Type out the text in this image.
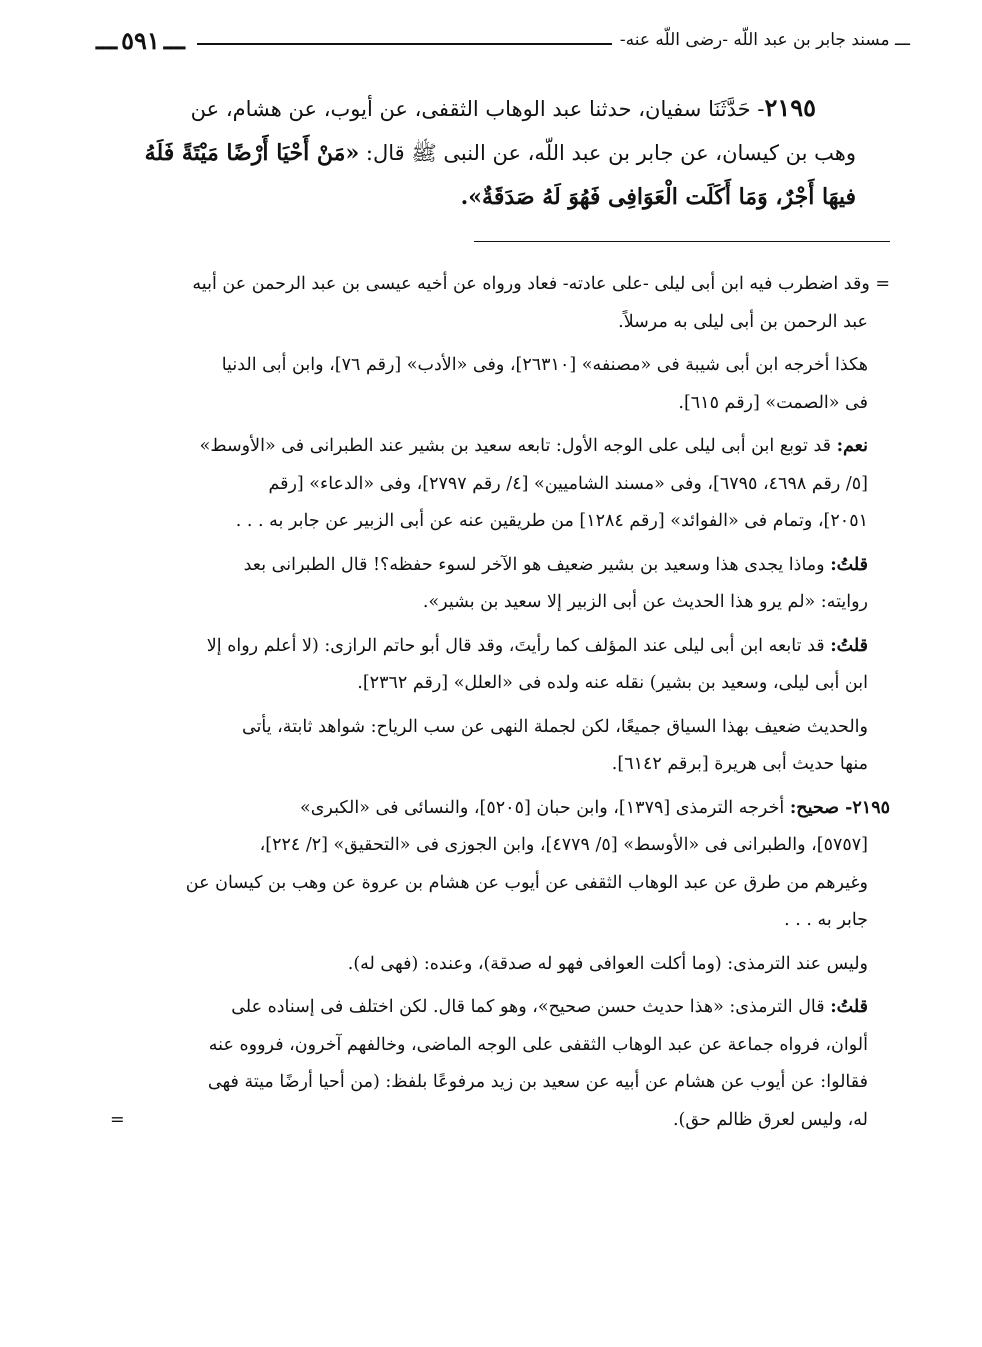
ـــ مسند جابر بن عبد اللّه -رضى اللّه عنه-
ـــ٥٩١ـــ
٢١٩٥- حَدَّثَنَا سفيان، حدثنا عبد الوهاب الثقفى، عن أيوب، عن هشام، عن
وهب بن كيسان، عن جابر بن عبد اللّه، عن النبى ﷺ قال: «مَنْ أَحْيَا أَرْضًا مَيْتَةً فَلَهُ
فيهَا أَجْرٌ، وَمَا أَكَلَت الْعَوَافِى فَهُوَ لَهُ صَدَقَةٌ».
= وقد اضطرب فيه ابن أبى ليلى -على عادته- فعاد ورواه عن أخيه عيسى بن عبد الرحمن عن أبيه
عبد الرحمن بن أبى ليلى به مرسلاً.
هكذا أخرجه ابن أبى شيبة فى «مصنفه» [٢٦٣١٠]، وفى «الأدب» [رقم ٧٦]، وابن أبى الدنيا
فى «الصمت» [رقم ٦١٥].
نعم: قد توبع ابن أبى ليلى على الوجه الأول: تابعه سعيد بن بشير عند الطبرانى فى «الأوسط»
[٥/ رقم ٤٦٩٨، ٦٧٩٥]، وفى «مسند الشاميين» [٤/ رقم ٢٧٩٧]، وفى «الدعاء» [رقم
٢٠٥١]، وتمام فى «الفوائد» [رقم ١٢٨٤] من طريقين عنه عن أبى الزبير عن جابر به . . .
قلتُ: وماذا يجدى هذا وسعيد بن بشير ضعيف هو الآخر لسوء حفظه؟! قال الطبرانى بعد
روايته: «لم يرو هذا الحديث عن أبى الزبير إلا سعيد بن بشير».
قلتُ: قد تابعه ابن أبى ليلى عند المؤلف كما رأيتَ، وقد قال أبو حاتم الرازى: (لا أعلم رواه إلا
ابن أبى ليلى، وسعيد بن بشير) نقله عنه ولده فى «العلل» [رقم ٢٣٦٢].
والحديث ضعيف بهذا السياق جميعًا، لكن لجملة النهى عن سب الرياح: شواهد ثابتة، يأتى
منها حديث أبى هريرة [برقم ٦١٤٢].
٢١٩٥- صحيح: أخرجه الترمذى [١٣٧٩]، وابن حبان [٥٢٠٥]، والنسائى فى «الكبرى»
[٥٧٥٧]، والطبرانى فى «الأوسط» [٥/ ٤٧٧٩]، وابن الجوزى فى «التحقيق» [٢/ ٢٢٤]،
وغيرهم من طرق عن عبد الوهاب الثقفى عن أيوب عن هشام بن عروة عن وهب بن كيسان عن
جابر به . . .
وليس عند الترمذى: (وما أكلت العوافى فهو له صدقة)، وعنده: (فهى له).
قلتُ: قال الترمذى: «هذا حديث حسن صحيح»، وهو كما قال. لكن اختلف فى إسناده على
ألوان، فرواه جماعة عن عبد الوهاب الثقفى على الوجه الماضى، وخالفهم آخرون، فرووه عنه
فقالوا: عن أيوب عن هشام عن أبيه عن سعيد بن زيد مرفوعًا بلفظ: (من أحيا أرضًا ميتة فهى
له، وليس لعرق ظالم حق).
=
